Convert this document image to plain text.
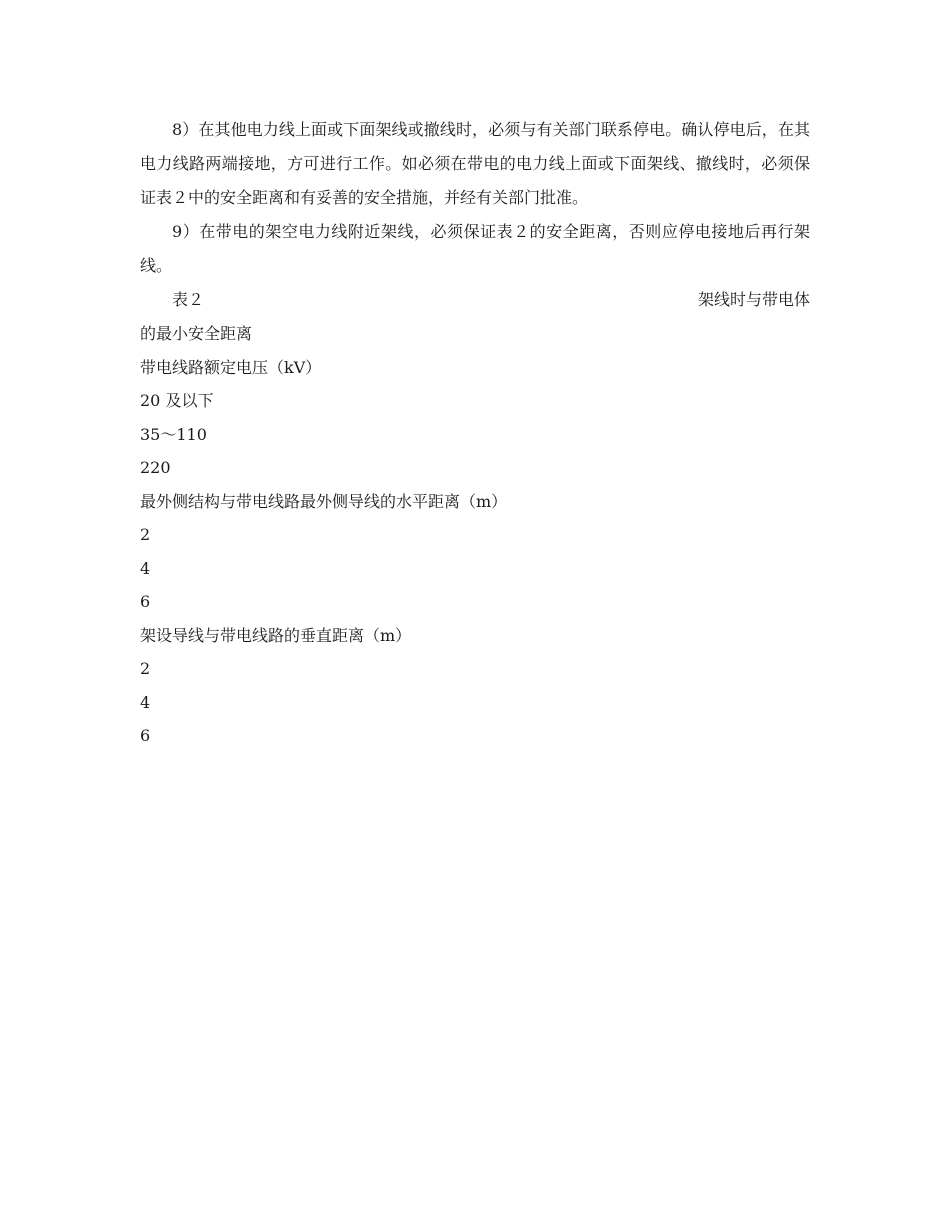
8）在其他电力线上面或下面架线或撤线时，必须与有关部门联系停电。确认停电后，在其电力线路两端接地，方可进行工作。如必须在带电的电力线上面或下面架线、撤线时，必须保证表２中的安全距离和有妥善的安全措施，并经有关部门批准。

9）在带电的架空电力线附近架线，必须保证表２的安全距离，否则应停电接地后再行架线。

表２	架线时与带电体
的最小安全距离
带电线路额定电压（kV）
20 及以下
35～110
220
最外侧结构与带电线路最外侧导线的水平距离（m）
2
4
6
架设导线与带电线路的垂直距离（m）
2
4
6
